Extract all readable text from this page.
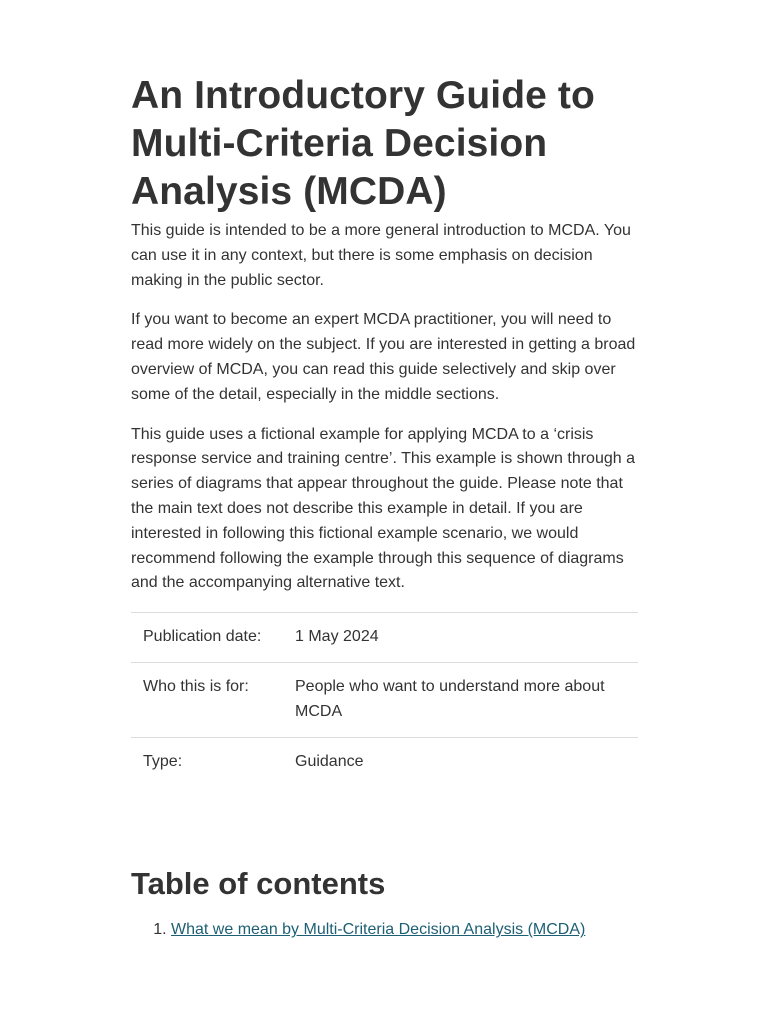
An Introductory Guide to Multi-Criteria Decision Analysis (MCDA)

This guide is intended to be a more general introduction to MCDA. You can use it in any context, but there is some emphasis on decision making in the public sector.

If you want to become an expert MCDA practitioner, you will need to read more widely on the subject. If you are interested in getting a broad overview of MCDA, you can read this guide selectively and skip over some of the detail, especially in the middle sections.

This guide uses a fictional example for applying MCDA to a ‘crisis response service and training centre’. This example is shown through a series of diagrams that appear throughout the guide. Please note that the main text does not describe this example in detail. If you are interested in following this fictional example scenario, we would recommend following the example through this sequence of diagrams and the accompanying alternative text.

Publication date:	1 May 2024
Who this is for:	People who want to understand more about MCDA
Type:	Guidance
Table of contents
1. What we mean by Multi-Criteria Decision Analysis (MCDA)
